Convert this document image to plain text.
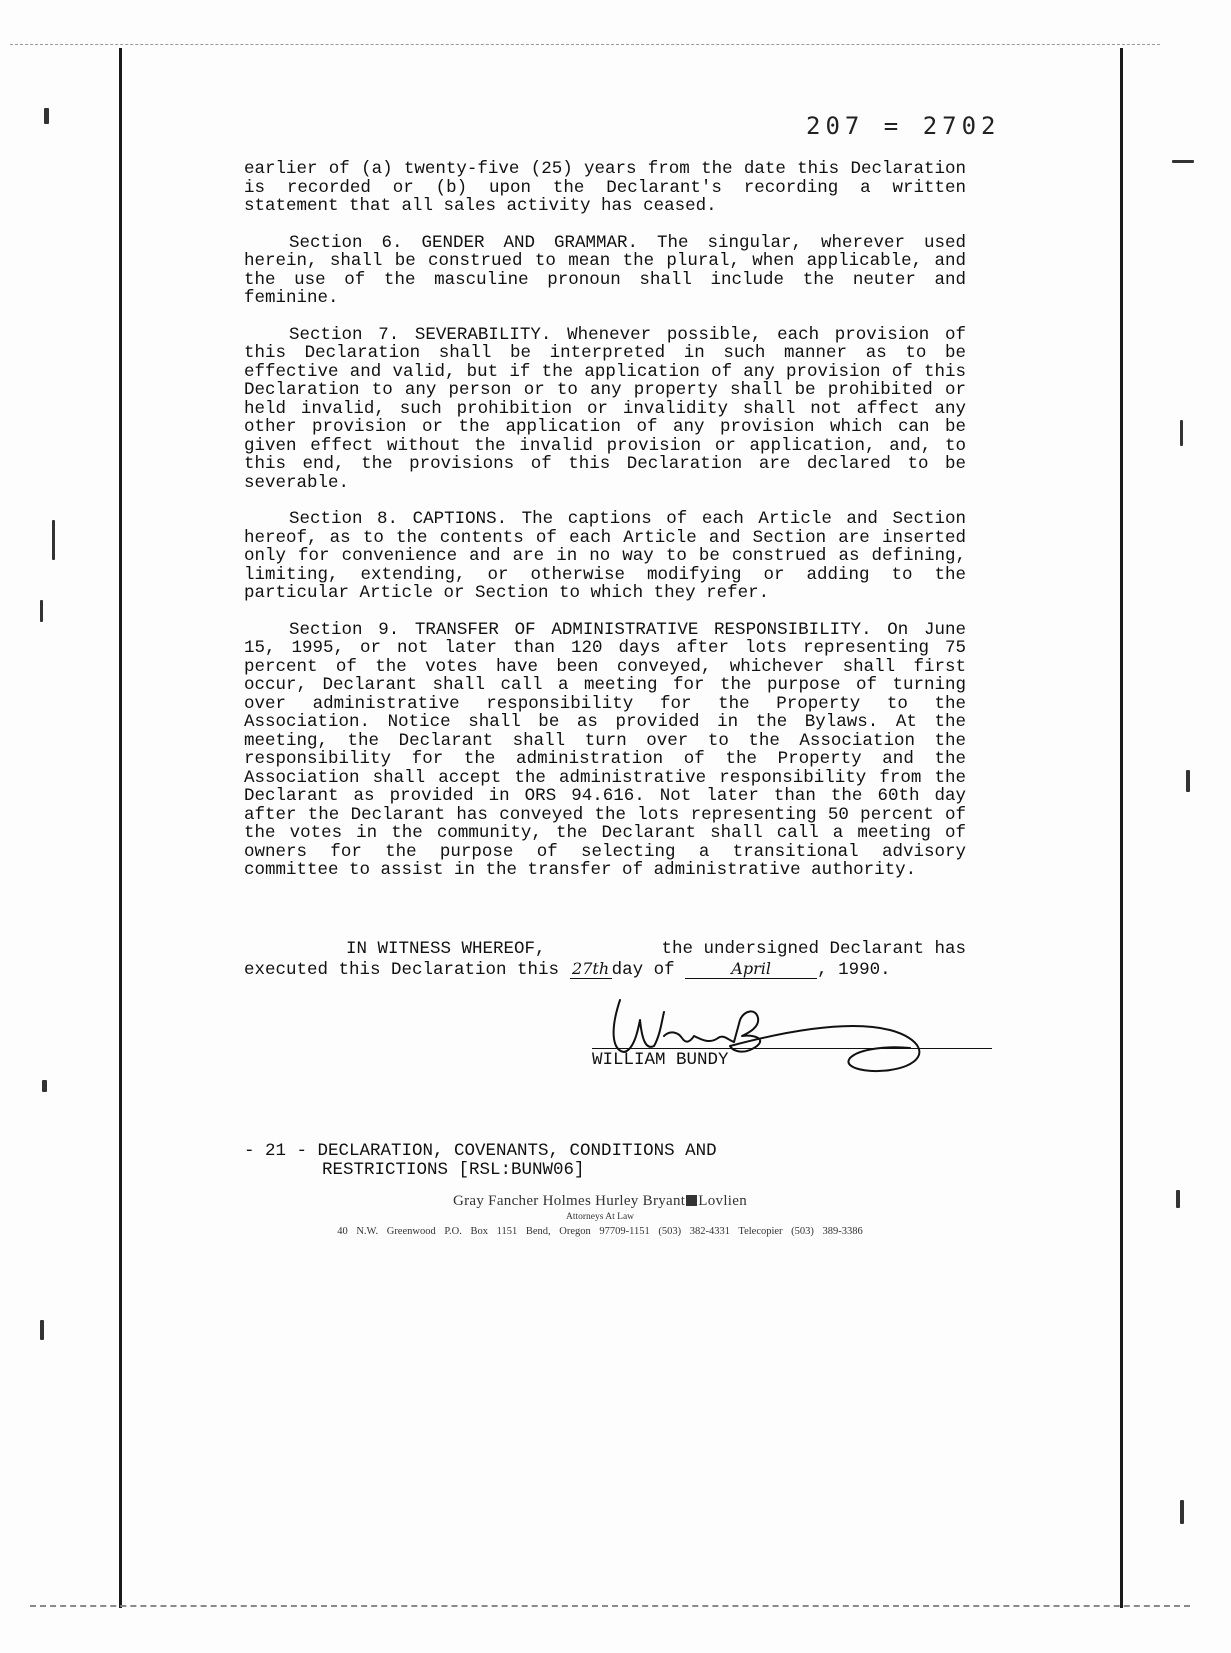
207 = 2702

earlier of (a) twenty-five (25) years from the date this Declaration is recorded or (b) upon the Declarant's recording a written statement that all sales activity has ceased.

Section 6. GENDER AND GRAMMAR. The singular, wherever used herein, shall be construed to mean the plural, when applicable, and the use of the masculine pronoun shall include the neuter and feminine.

Section 7. SEVERABILITY. Whenever possible, each provision of this Declaration shall be interpreted in such manner as to be effective and valid, but if the application of any provision of this Declaration to any person or to any property shall be prohibited or held invalid, such prohibition or invalidity shall not affect any other provision or the application of any provision which can be given effect without the invalid provision or application, and, to this end, the provisions of this Declaration are declared to be severable.

Section 8. CAPTIONS. The captions of each Article and Section hereof, as to the contents of each Article and Section are inserted only for convenience and are in no way to be construed as defining, limiting, extending, or otherwise modifying or adding to the particular Article or Section to which they refer.

Section 9. TRANSFER OF ADMINISTRATIVE RESPONSIBILITY. On June 15, 1995, or not later than 120 days after lots representing 75 percent of the votes have been conveyed, whichever shall first occur, Declarant shall call a meeting for the purpose of turning over administrative responsibility for the Property to the Association. Notice shall be as provided in the Bylaws. At the meeting, the Declarant shall turn over to the Association the responsibility for the administration of the Property and the Association shall accept the administrative responsibility from the Declarant as provided in ORS 94.616. Not later than the 60th day after the Declarant has conveyed the lots representing 50 percent of the votes in the community, the Declarant shall call a meeting of owners for the purpose of selecting a transitional advisory committee to assist in the transfer of administrative authority.

IN WITNESS WHEREOF,	the undersigned Declarant has
executed this Declaration this 27th day of	April	, 1990.
WILLIAM BUNDY
- 21 - DECLARATION, COVENANTS, CONDITIONS AND
RESTRICTIONS [RSL:BUNW06]
Gray Fancher Holmes Hurley Bryant Lovlien
Attorneys At Law
40 N.W. Greenwood P.O. Box 1151 Bend, Oregon 97709-1151 (503) 382-4331 Telecopier (503) 389-3386
